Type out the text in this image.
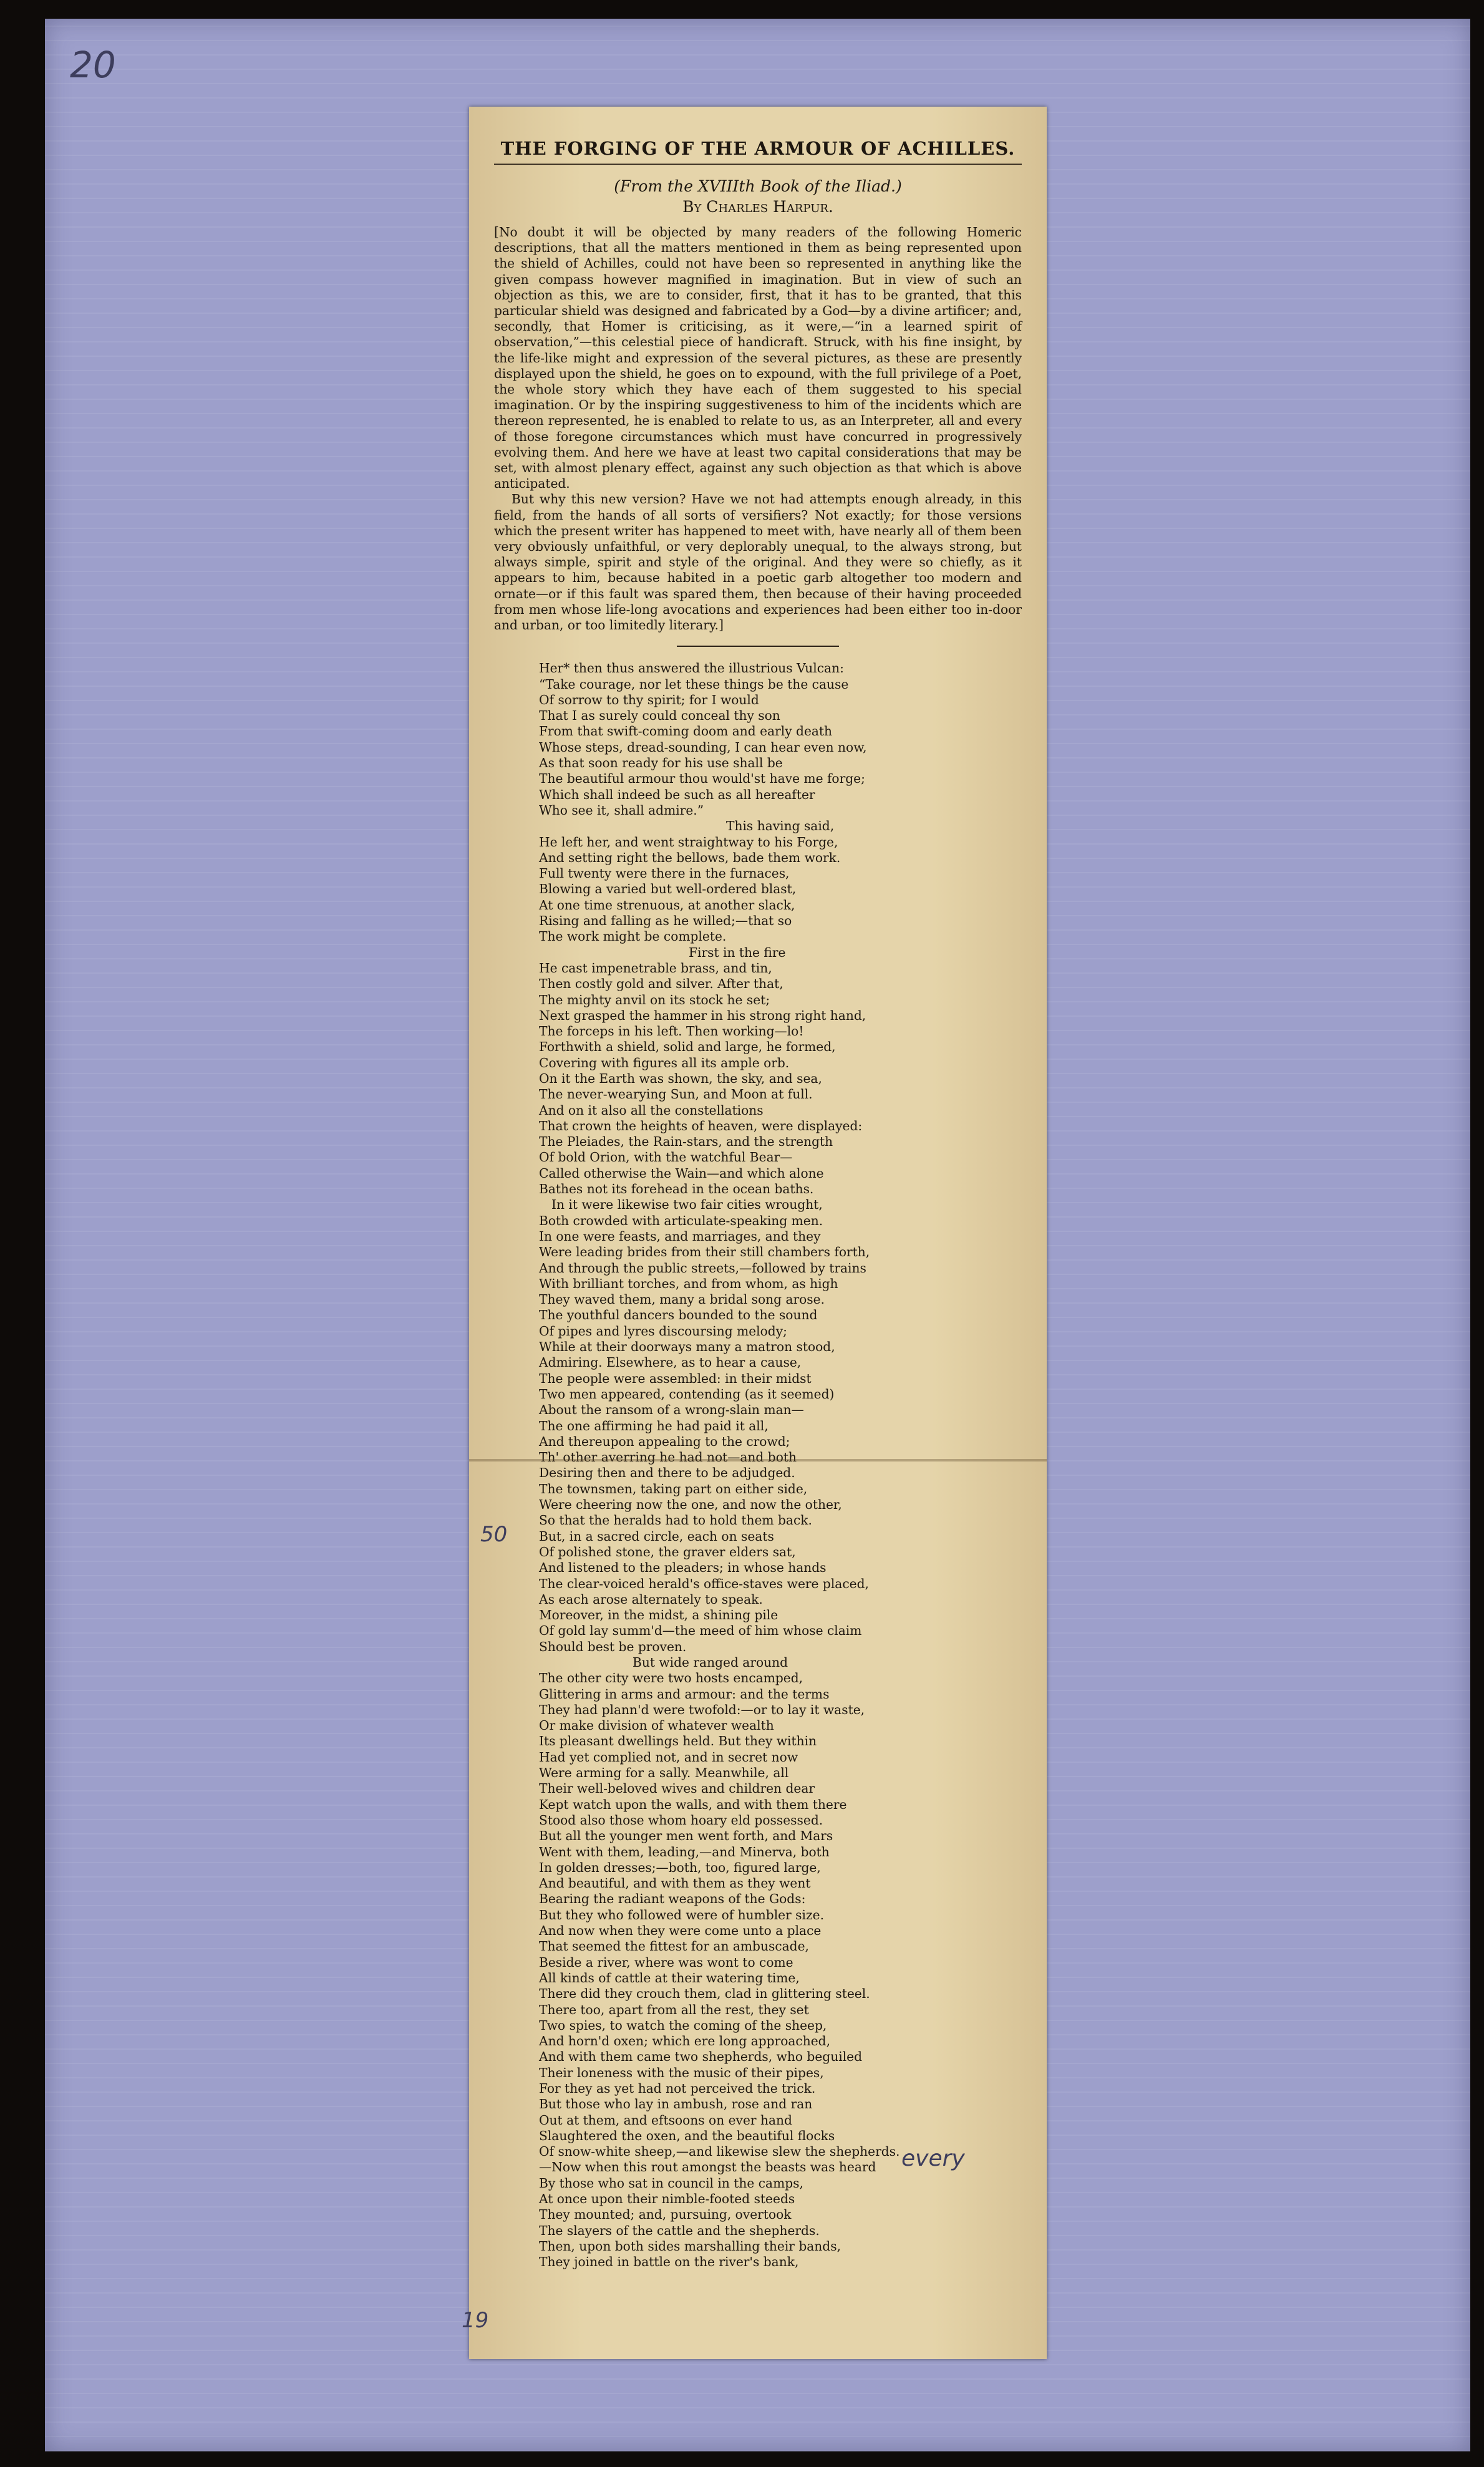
20
THE FORGING OF THE ARMOUR OF ACHILLES.
(From the XVIIIth Book of the Iliad.)
By Charles Harpur.

[No doubt it will be objected by many readers of the following Homeric descriptions, that all the matters mentioned in them as being represented upon the shield of Achilles, could not have been so represented in anything like the given compass however magnified in imagination. But in view of such an objection as this, we are to consider, first, that it has to be granted, that this particular shield was designed and fabricated by a God—by a divine artificer; and, secondly, that Homer is criticising, as it were,—“in a learned spirit of observation,”—this celestial piece of handicraft. Struck, with his fine insight, by the life-like might and expression of the several pictures, as these are presently displayed upon the shield, he goes on to expound, with the full privilege of a Poet, the whole story which they have each of them suggested to his special imagination. Or by the inspiring suggestiveness to him of the incidents which are thereon represented, he is enabled to relate to us, as an Interpreter, all and every of those foregone circumstances which must have concurred in progressively evolving them. And here we have at least two capital considerations that may be set, with almost plenary effect, against any such objection as that which is above anticipated.

But why this new version? Have we not had attempts enough already, in this field, from the hands of all sorts of versifiers? Not exactly; for those versions which the present writer has happened to meet with, have nearly all of them been very obviously unfaithful, or very deplorably unequal, to the always strong, but always simple, spirit and style of the original. And they were so chiefly, as it appears to him, because habited in a poetic garb altogether too modern and ornate—or if this fault was spared them, then because of their having proceeded from men whose life-long avocations and experiences had been either too in-door and urban, or too limitedly literary.]

Her* then thus answered the illustrious Vulcan:
“Take courage, nor let these things be the cause
Of sorrow to thy spirit; for I would
That I as surely could conceal thy son
From that swift-coming doom and early death
Whose steps, dread-sounding, I can hear even now,
As that soon ready for his use shall be
The beautiful armour thou would'st have me forge;
Which shall indeed be such as all hereafter
Who see it, shall admire.”
This having said,
He left her, and went straightway to his Forge,
And setting right the bellows, bade them work.
Full twenty were there in the furnaces,
Blowing a varied but well-ordered blast,
At one time strenuous, at another slack,
Rising and falling as he willed;—that so
The work might be complete.
First in the fire
He cast impenetrable brass, and tin,
Then costly gold and silver. After that,
The mighty anvil on its stock he set;
Next grasped the hammer in his strong right hand,
The forceps in his left. Then working—lo!
Forthwith a shield, solid and large, he formed,
Covering with figures all its ample orb.
On it the Earth was shown, the sky, and sea,
The never-wearying Sun, and Moon at full.
And on it also all the constellations
That crown the heights of heaven, were displayed:
The Pleiades, the Rain-stars, and the strength
Of bold Orion, with the watchful Bear—
Called otherwise the Wain—and which alone
Bathes not its forehead in the ocean baths.
In it were likewise two fair cities wrought,
Both crowded with articulate-speaking men.
In one were feasts, and marriages, and they
Were leading brides from their still chambers forth,
And through the public streets,—followed by trains
With brilliant torches, and from whom, as high
They waved them, many a bridal song arose.
The youthful dancers bounded to the sound
Of pipes and lyres discoursing melody;
While at their doorways many a matron stood,
Admiring. Elsewhere, as to hear a cause,
The people were assembled: in their midst
Two men appeared, contending (as it seemed)
About the ransom of a wrong-slain man—
The one affirming he had paid it all,
And thereupon appealing to the crowd;
Th' other averring he had not—and both
Desiring then and there to be adjudged.
The townsmen, taking part on either side,
Were cheering now the one, and now the other,
So that the heralds had to hold them back.
But, in a sacred circle, each on seats
Of polished stone, the graver elders sat,
And listened to the pleaders; in whose hands
The clear-voiced herald's office-staves were placed,
As each arose alternately to speak.
Moreover, in the midst, a shining pile
Of gold lay summ'd—the meed of him whose claim
Should best be proven.
But wide ranged around
The other city were two hosts encamped,
Glittering in arms and armour: and the terms
They had plann'd were twofold:—or to lay it waste,
Or make division of whatever wealth
Its pleasant dwellings held. But they within
Had yet complied not, and in secret now
Were arming for a sally. Meanwhile, all
Their well-beloved wives and children dear
Kept watch upon the walls, and with them there
Stood also those whom hoary eld possessed.
But all the younger men went forth, and Mars
Went with them, leading,—and Minerva, both
In golden dresses;—both, too, figured large,
And beautiful, and with them as they went
Bearing the radiant weapons of the Gods:
But they who followed were of humbler size.
And now when they were come unto a place
That seemed the fittest for an ambuscade,
Beside a river, where was wont to come
All kinds of cattle at their watering time,
There did they crouch them, clad in glittering steel.
There too, apart from all the rest, they set
Two spies, to watch the coming of the sheep,
And horn'd oxen; which ere long approached,
And with them came two shepherds, who beguiled
Their loneness with the music of their pipes,
For they as yet had not perceived the trick.
But those who lay in ambush, rose and ran
Out at them, and eftsoons on ever hand
Slaughtered the oxen, and the beautiful flocks
Of snow-white sheep,—and likewise slew the shepherds.
—Now when this rout amongst the beasts was heard
By those who sat in council in the camps,
At once upon their nimble-footed steeds
They mounted; and, pursuing, overtook
The slayers of the cattle and the shepherds.
Then, upon both sides marshalling their bands,
They joined in battle on the river's bank,
50
19
every
